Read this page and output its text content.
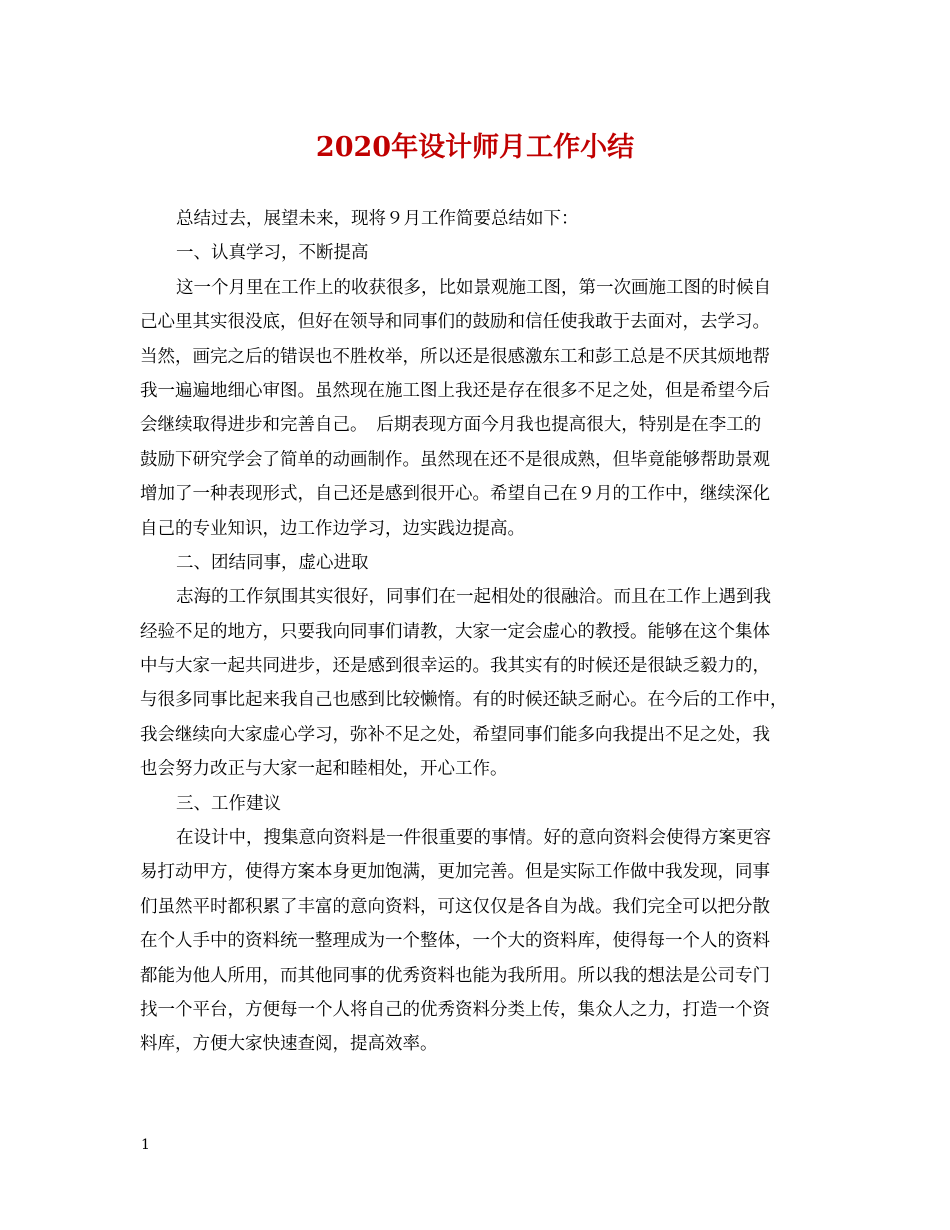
2020年设计师月工作小结
总结过去，展望未来，现将９月工作简要总结如下：
一、认真学习，不断提高
这一个月里在工作上的收获很多，比如景观施工图，第一次画施工图的时候自
己心里其实很没底，但好在领导和同事们的鼓励和信任使我敢于去面对，去学习。
当然，画完之后的错误也不胜枚举，所以还是很感激东工和彭工总是不厌其烦地帮
我一遍遍地细心审图。虽然现在施工图上我还是存在很多不足之处，但是希望今后
会继续取得进步和完善自己。　后期表现方面今月我也提高很大，特别是在李工的
鼓励下研究学会了简单的动画制作。虽然现在还不是很成熟，但毕竟能够帮助景观
增加了一种表现形式，自己还是感到很开心。希望自己在９月的工作中，继续深化
自己的专业知识，边工作边学习，边实践边提高。
二、团结同事，虚心进取
志海的工作氛围其实很好，同事们在一起相处的很融洽。而且在工作上遇到我
经验不足的地方，只要我向同事们请教，大家一定会虚心的教授。能够在这个集体
中与大家一起共同进步，还是感到很幸运的。我其实有的时候还是很缺乏毅力的，
与很多同事比起来我自己也感到比较懒惰。有的时候还缺乏耐心。在今后的工作中，
我会继续向大家虚心学习，弥补不足之处，希望同事们能多向我提出不足之处，我
也会努力改正与大家一起和睦相处，开心工作。
三、工作建议
在设计中，搜集意向资料是一件很重要的事情。好的意向资料会使得方案更容
易打动甲方，使得方案本身更加饱满，更加完善。但是实际工作做中我发现，同事
们虽然平时都积累了丰富的意向资料，可这仅仅是各自为战。我们完全可以把分散
在个人手中的资料统一整理成为一个整体，一个大的资料库，使得每一个人的资料
都能为他人所用，而其他同事的优秀资料也能为我所用。所以我的想法是公司专门
找一个平台，方便每一个人将自己的优秀资料分类上传，集众人之力，打造一个资
料库，方便大家快速查阅，提高效率。
1
